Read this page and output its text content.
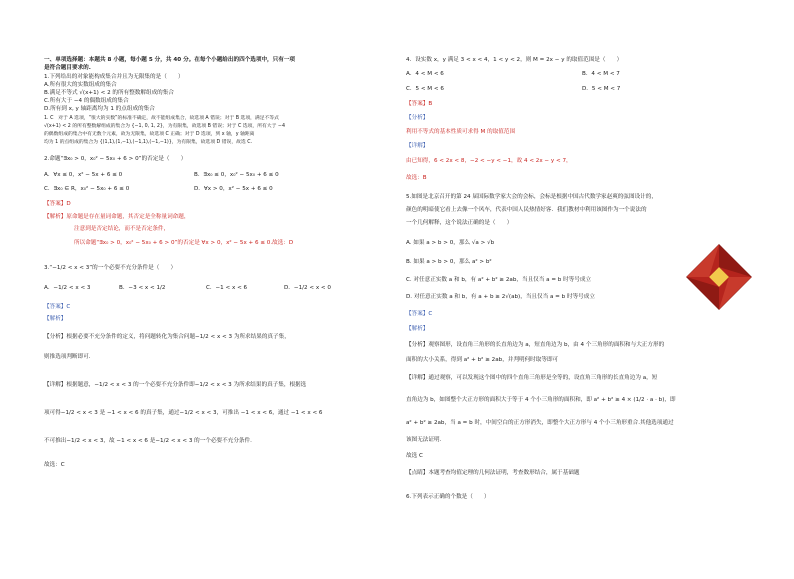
一、单项选择题：本题共 8 小题，每小题 5 分，共 40 分。在每个小题给出的四个选项中，只有一项
是符合题目要求的.
1.下列给出的对象能构成集合并且为无限集的是（　　）
A.所有很大的实数组成的集合
B.满足不等式 √(x+1) < 2 的所有整数解组成的集合
C.所有大于 −4 的偶数组成的集合
D.所有到 x, y 轴距离均为 1 的点组成的集合
1. C　对于 A 选项，“很大的实数”的标准不确定，故不能组成集合，故选项 A 错误；对于 B 选项，满足不等式
√(x+1) < 2 的所有整数解组成的集合为 {−1, 0, 1, 2}，为有限集，故选项 B 错误；对于 C 选项，所有大于 −4
的偶数组成的集合中有无数个元素，故为无限集，故选项 C 正确；对于 D 选项，到 x 轴，y 轴距离
均为 1 的点组成的集合为 {(1,1),(1,−1),(−1,1),(−1,−1)}，为有限集，故选项 D 错误，故选 C.
2.命题“∃x₀ > 0，x₀² − 5x₀ + 6 > 0”的否定是（　　）
A．∀x ≤ 0，x² − 5x + 6 ≤ 0	B．∃x₀ ≤ 0，x₀² − 5x₀ + 6 ≤ 0
C．∃x₀ ∈ R，x₀² − 5x₀ + 6 ≤ 0	D．∀x > 0，x² − 5x + 6 ≤ 0
【答案】D
【解析】原命题是存在量词命题，其否定是全称量词命题，
注意到是否定结论，而不是否定条件，
所以命题“∃x₀ > 0，x₀² − 5x₀ + 6 > 0”的否定是 ∀x > 0，x² − 5x + 6 ≤ 0.故选：D
3.“−1/2 < x < 3”的一个必要不充分条件是（　　）
A．−1/2 < x < 3	B．−3 < x < 1/2	C．−1 < x < 6	D．−1/2 < x < 0
【答案】C
【解析】
【分析】根据必要不充分条件的定义，将问题转化为集合问题−1/2 < x < 3 为所求结果的真子集，
则推选项判断即可.
【详解】根据题意，−1/2 < x < 3 的一个必要不充分条件即−1/2 < x < 3 为所求结果的真子集，根据选
项可得−1/2 < x < 3 是 −1 < x < 6 的真子集，通过−1/2 < x < 3，可推出 −1 < x < 6，通过 −1 < x < 6
不可推出−1/2 < x < 3，故 −1 < x < 6 是−1/2 < x < 3 的一个必要不充分条件.
故选：C
4．设实数 x，y 满足 3 < x < 4，1 < y < 2，则 M = 2x − y 的取值范围是（　　）
A．4 < M < 6	B．4 < M < 7
C．5 < M < 6	D．5 < M < 7
【答案】B
【分析】
利用不等式的基本性质可求得 M 的取值范围
【详解】
由已知得，6 < 2x < 8，−2 < −y < −1，故 4 < 2x − y < 7，
故选：B
5.如图是北京召开的第 24 届国际数学家大会的会标，会标是根据中国古代数学家赵爽的弦图设计的，
颜色的明暗使它看上去像一个风车，代表中国人民热情好客．我们教材中利用该图作为一个说法的
一个几何解释，这个说法正确的是（　　）
A. 如果 a > b > 0，那么 √a > √b
B. 如果 a > b > 0，那么 a² > b²
C. 对任意正实数 a 和 b，有 a² + b² ≥ 2ab，当且仅当 a = b 时等号成立
D. 对任意正实数 a 和 b，有 a + b ≥ 2√(ab)，当且仅当 a = b 时等号成立
【答案】C
【解析】
【分析】观察图形，设直角三角形的长直角边为 a，短直角边为 b，由 4 个三角形的面积和与大正方形的
面积的大小关系，得到 a² + b² ≥ 2ab，并判明何时取等即可
【详解】通过观察，可以发现这个图中的四个直角三角形是全等的，设直角三角形的长直角边为 a，短
直角边为 b，如图整个大正方形的面积大于等于 4 个小三角形的面积和，即 a² + b² ≥ 4 × (1/2 · a · b)，即
a² + b² ≥ 2ab，当 a = b 时，中间空白的正方形消失，即整个大正方形与 4 个小三角形重合.其他选项通过
该图无法证明.
故选 C
【点睛】本题考查均值定理的几何法证明，考查数形结合，属于基础题
6.下列表示正确的个数是（　　）
